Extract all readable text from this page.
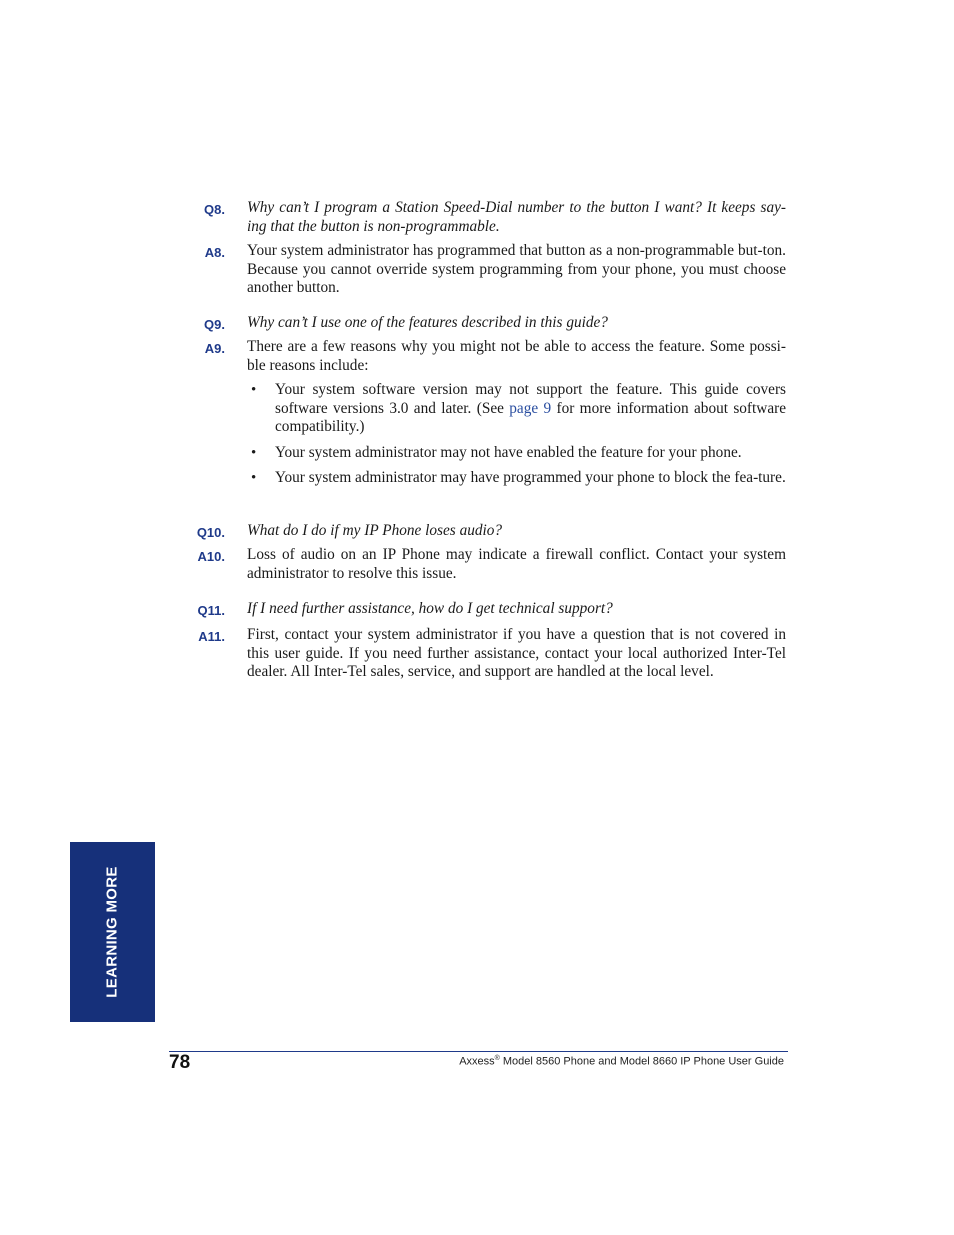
Q8. Why can’t I program a Station Speed-Dial number to the button I want? It keeps say-ing that the button is non-programmable.
A8. Your system administrator has programmed that button as a non-programmable but-ton. Because you cannot override system programming from your phone, you must choose another button.
Q9. Why can’t I use one of the features described in this guide?
A9. There are a few reasons why you might not be able to access the feature. Some possi-ble reasons include:
• Your system software version may not support the feature. This guide covers software versions 3.0 and later. (See page 9 for more information about software compatibility.)
• Your system administrator may not have enabled the feature for your phone.
• Your system administrator may have programmed your phone to block the fea-ture.
Q10. What do I do if my IP Phone loses audio?
A10. Loss of audio on an IP Phone may indicate a firewall conflict. Contact your system administrator to resolve this issue.
Q11. If I need further assistance, how do I get technical support?
A11. First, contact your system administrator if you have a question that is not covered in this user guide. If you need further assistance, contact your local authorized Inter-Tel dealer. All Inter-Tel sales, service, and support are handled at the local level.
LEARNING MORE
78	Axxess® Model 8560 Phone and Model 8660 IP Phone User Guide
